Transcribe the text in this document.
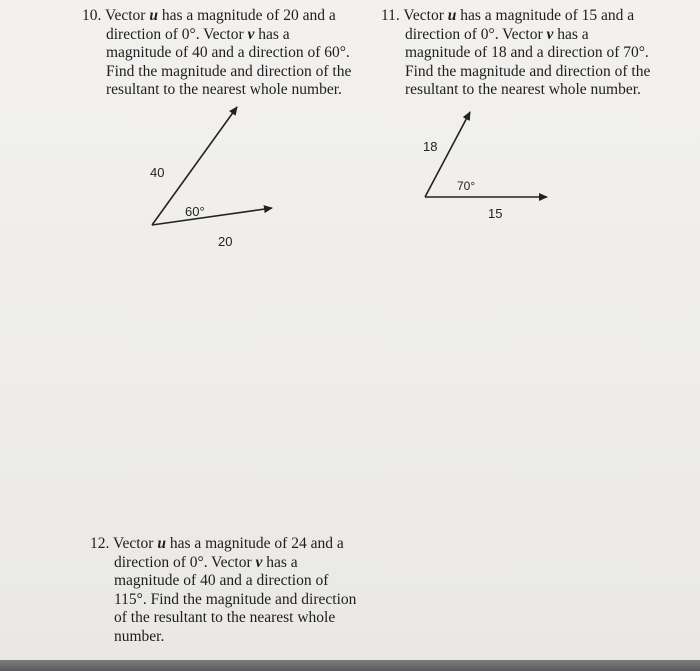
10. Vector u has a magnitude of 20 and a
direction of 0°. Vector v has a
magnitude of 40 and a direction of 60°.
Find the magnitude and direction of the
resultant to the nearest whole number.
40
60°
20
11. Vector u has a magnitude of 15 and a
direction of 0°. Vector v has a
magnitude of 18 and a direction of 70°.
Find the magnitude and direction of the
resultant to the nearest whole number.
18
70°
15
12. Vector u has a magnitude of 24 and a
direction of 0°. Vector v has a
magnitude of 40 and a direction of
115°. Find the magnitude and direction
of the resultant to the nearest whole
number.
